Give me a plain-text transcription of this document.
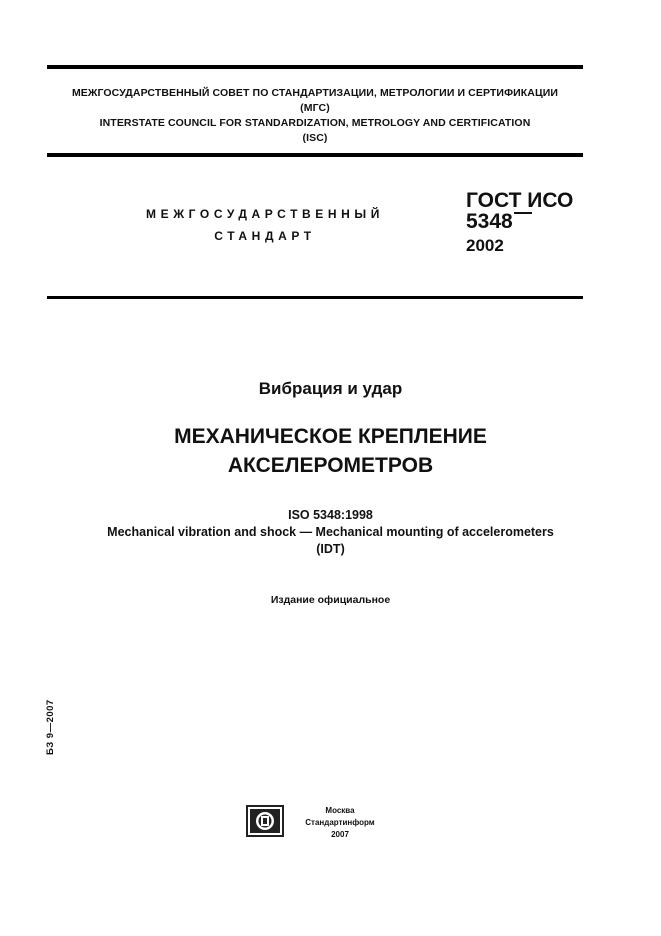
МЕЖГОСУДАРСТВЕННЫЙ СОВЕТ ПО СТАНДАРТИЗАЦИИ, МЕТРОЛОГИИ И СЕРТИФИКАЦИИ
(МГС)
INTERSTATE COUNCIL FOR STANDARDIZATION, METROLOGY AND CERTIFICATION
(ISC)
МЕЖГОСУДАРСТВЕННЫЙ
СТАНДАРТ
ГОСТ ИСО
5348
2002
Вибрация и удар
МЕХАНИЧЕСКОЕ КРЕПЛЕНИЕ
АКСЕЛЕРОМЕТРОВ
ISO 5348:1998
Mechanical vibration and shock — Mechanical mounting of accelerometers
(IDT)
Издание официальное
БЗ 9—2007
Москва
Стандартинформ
2007
